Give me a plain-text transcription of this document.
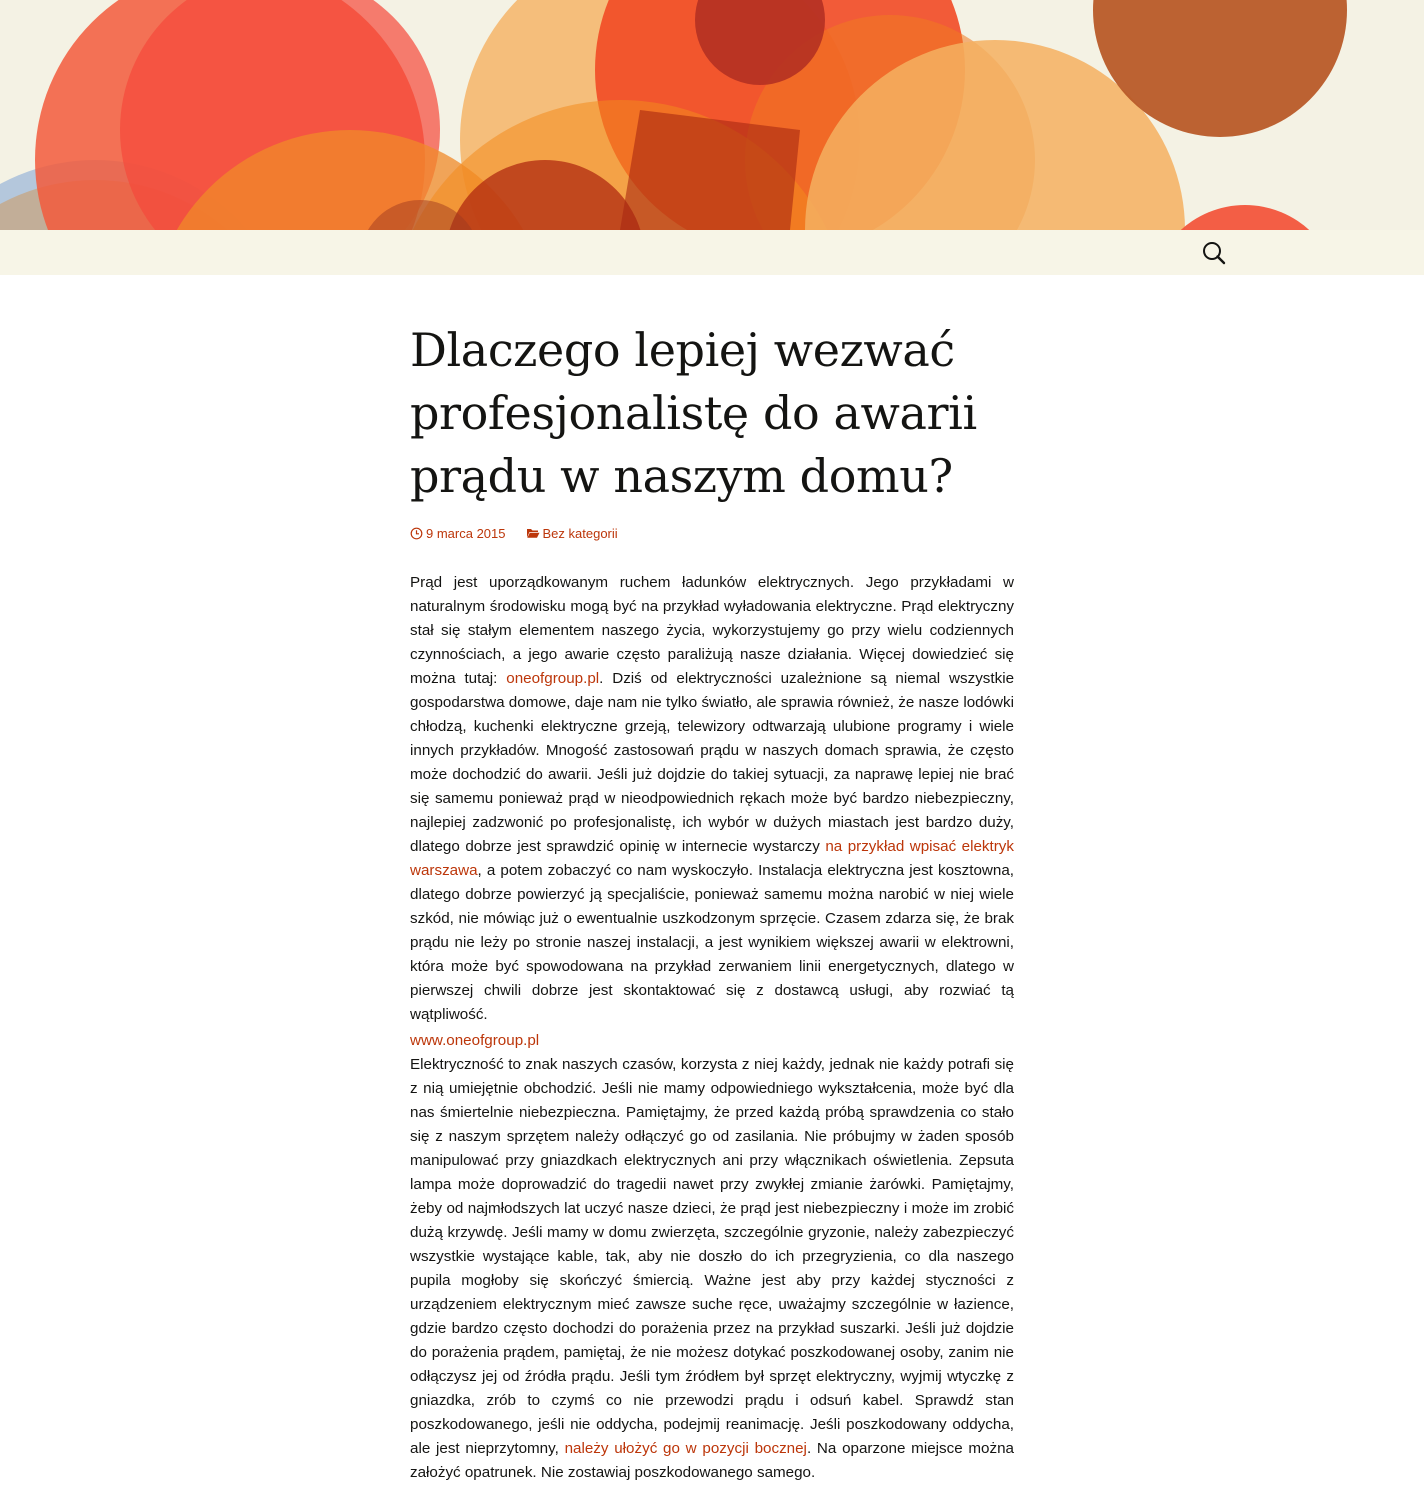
Dlaczego lepiej wezwać profesjonalistę do awarii prądu w naszym domu?
9 marca 2015	Bez kategorii

Prąd jest uporządkowanym ruchem ładunków elektrycznych. Jego przykładami w naturalnym środowisku mogą być na przykład wyładowania elektryczne. Prąd elektryczny stał się stałym elementem naszego życia, wykorzystujemy go przy wielu codziennych czynnościach, a jego awarie często paraliżują nasze działania. Więcej dowiedzieć się można tutaj: oneofgroup.pl. Dziś od elektryczności uzależnione są niemal wszystkie gospodarstwa domowe, daje nam nie tylko światło, ale sprawia również, że nasze lodówki chłodzą, kuchenki elektryczne grzeją, telewizory odtwarzają ulubione programy i wiele innych przykładów. Mnogość zastosowań prądu w naszych domach sprawia, że często może dochodzić do awarii. Jeśli już dojdzie do takiej sytuacji, za naprawę lepiej nie brać się samemu ponieważ prąd w nieodpowiednich rękach może być bardzo niebezpieczny, najlepiej zadzwonić po profesjonalistę, ich wybór w dużych miastach jest bardzo duży, dlatego dobrze jest sprawdzić opinię w internecie wystarczy na przykład wpisać elektryk warszawa, a potem zobaczyć co nam wyskoczyło. Instalacja elektryczna jest kosztowna, dlatego dobrze powierzyć ją specjaliście, ponieważ samemu można narobić w niej wiele szkód, nie mówiąc już o ewentualnie uszkodzonym sprzęcie. Czasem zdarza się, że brak prądu nie leży po stronie naszej instalacji, a jest wynikiem większej awarii w elektrowni, która może być spowodowana na przykład zerwaniem linii energetycznych, dlatego w pierwszej chwili dobrze jest skontaktować się z dostawcą usługi, aby rozwiać tą wątpliwość.

www.oneofgroup.pl
Elektryczność to znak naszych czasów, korzysta z niej każdy, jednak nie każdy potrafi się z nią umiejętnie obchodzić. Jeśli nie mamy odpowiedniego wykształcenia, może być dla nas śmiertelnie niebezpieczna. Pamiętajmy, że przed każdą próbą sprawdzenia co stało się z naszym sprzętem należy odłączyć go od zasilania. Nie próbujmy w żaden sposób manipulować przy gniazdkach elektrycznych ani przy włącznikach oświetlenia. Zepsuta lampa może doprowadzić do tragedii nawet przy zwykłej zmianie żarówki. Pamiętajmy, żeby od najmłodszych lat uczyć nasze dzieci, że prąd jest niebezpieczny i może im zrobić dużą krzywdę. Jeśli mamy w domu zwierzęta, szczególnie gryzonie, należy zabezpieczyć wszystkie wystające kable, tak, aby nie doszło do ich przegryzienia, co dla naszego pupila mogłoby się skończyć śmiercią. Ważne jest aby przy każdej styczności z urządzeniem elektrycznym mieć zawsze suche ręce, uważajmy szczególnie w łazience, gdzie bardzo często dochodzi do porażenia przez na przykład suszarki. Jeśli już dojdzie do porażenia prądem, pamiętaj, że nie możesz dotykać poszkodowanej osoby, zanim nie odłączysz jej od źródła prądu. Jeśli tym źródłem był sprzęt elektryczny, wyjmij wtyczkę z gniazdka, zrób to czymś co nie przewodzi prądu i odsuń kabel. Sprawdź stan poszkodowanego, jeśli nie oddycha, podejmij reanimację. Jeśli poszkodowany oddycha, ale jest nieprzytomny, należy ułożyć go w pozycji bocznej. Na oparzone miejsce można założyć opatrunek. Nie zostawiaj poszkodowanego samego.
